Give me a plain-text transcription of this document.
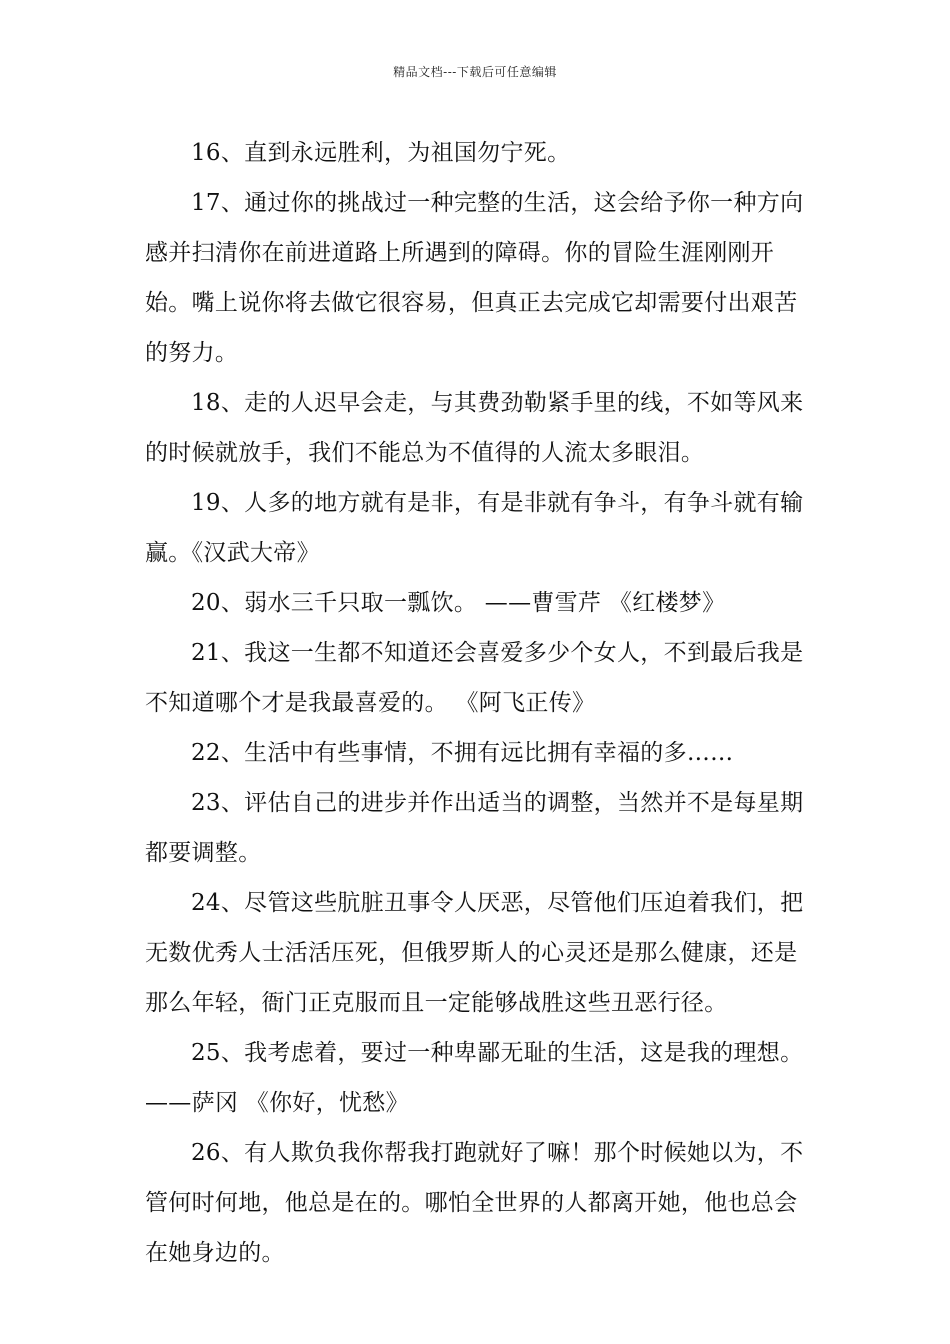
精品文档---下载后可任意编辑

16、直到永远胜利，为祖国勿宁死。

17、通过你的挑战过一种完整的生活，这会给予你一种方向感并扫清你在前进道路上所遇到的障碍。你的冒险生涯刚刚开始。嘴上说你将去做它很容易，但真正去完成它却需要付出艰苦的努力。

18、走的人迟早会走，与其费劲勒紧手里的线，不如等风来的时候就放手，我们不能总为不值得的人流太多眼泪。

19、人多的地方就有是非，有是非就有争斗，有争斗就有输赢。《汉武大帝》

20、弱水三千只取一瓢饮。 ——曹雪芹 《红楼梦》

21、我这一生都不知道还会喜爱多少个女人，不到最后我是不知道哪个才是我最喜爱的。 《阿飞正传》

22、生活中有些事情，不拥有远比拥有幸福的多……

23、评估自己的进步并作出适当的调整，当然并不是每星期都要调整。

24、尽管这些肮脏丑事令人厌恶，尽管他们压迫着我们，把无数优秀人士活活压死，但俄罗斯人的心灵还是那么健康，还是那么年轻，衙门正克服而且一定能够战胜这些丑恶行径。

25、我考虑着，要过一种卑鄙无耻的生活，这是我的理想。 ——萨冈 《你好，忧愁》

26、有人欺负我你帮我打跑就好了嘛！那个时候她以为，不管何时何地，他总是在的。哪怕全世界的人都离开她，他也总会在她身边的。
